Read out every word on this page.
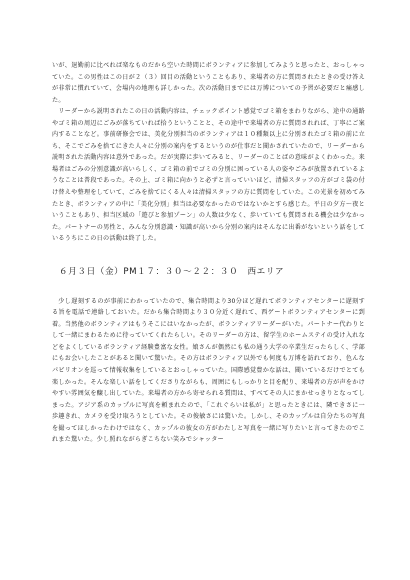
いが、退勤前に比べれば楽なものだから空いた時間にボランティアに参加してみようと思ったと、おっしゃっていた。この男性はこの日が２（３）回目の活動ということもあり、来場者の方に質問されたときの受け答えが非常に慣れていて、会場内の地理も詳しかった。次の活動日までには万博についての予習が必要だと痛感した。

リーダーから説明されたこの日の活動内容は、チェックポイント感覚でゴミ箱をまわりながら、途中の通路やゴミ箱の周辺にごみが落ちていれば拾うということと、その途中で来場者の方に質問されれば、丁寧にご案内することなど。事前研修会では、美化分別担当のボランティアは１０種類以上に分別されたゴミ箱の前に立ち、そこでごみを捨てにきた人々に分別の案内をするというのが仕事だと聞かされていたので、リーダーから説明された活動内容は意外であった。だが実際に歩いてみると、リーダーのことばの意味がよくわかった。来場者はごみの分別意識が高いらしく、ゴミ箱の前でゴミの分別に困っている人の姿やごみが放置されているようなことは普段であった。その上、ゴミ箱に向かうと必ずと言っていいほど、清掃スタッフの方がゴミ袋の付け替えや整理をしていて、ごみを捨てにくる人々は清掃スタッフの方に質問をしていた。この光景を初めてみたとき、ボランティアの中に「美化分別」担当は必要なかったのではないかとすら感じた。平日の夕方〜夜ということもあり、担当区域の「遊びと参加ゾーン」の人数は少なく、歩いていても質問される機会は少なかった。パートナーの男性と、みんな分別意識・知識が高いから分別の案内はそんなに出番がないという話をしているうちにこの日の活動は終了した。

６月３日（金）PM１７：３０〜２２：３０　西エリア

少し遅刻するのが事前にわかっていたので、集合時間より30分ほど遅れてボランティアセンターに遅刻する旨を電話で連絡しておいた。だから集合時間より３０分近く遅れて、西ゲートボランティアセンターに到着。当然他のボランティアはもうそこにはいなかったが、ボランティアリーダーがいた。パートナー代わりとして一緒にまわるために待っていてくれたらしい。そのリーダーの方は、留学生のホームステイの受け入れなどをよくしているボランティア経験豊富な女性。娘さんが偶然にも私の通う大学の卒業生だったらしく、学部にもお会いしたことがあると聞いて驚いた。その方はボランティア以外でも何度も万博を訪れており、色んなパビリオンを巡って情報収集をしているとおっしゃっていた。国際感覚豊かな話は、聞いているだけでとても楽しかった。そんな楽しい話をしてくださりながらも、周囲にもしっかりと目を配り、来場者の方が声をかけやすい雰囲気を醸し出していた。来場者の方から寄せられる質問は、すべてその人にまかせっきりとなってしまった。アジア系のカップルに写真を頼まれたので、「これぐらいは私が」と思ったときには、隣できさに一歩趣きれ、カメラを受け取ろうとしていた。その俊敏さには驚いた。しかし、そのカップルは自分たちの写真を撮ってほしかったわけではなく、カップルの彼女の方がわたしと写真を一緒に写りたいと言ってきたのでこれまた驚いた。少し照れながらぎこちない笑みでシャッター
